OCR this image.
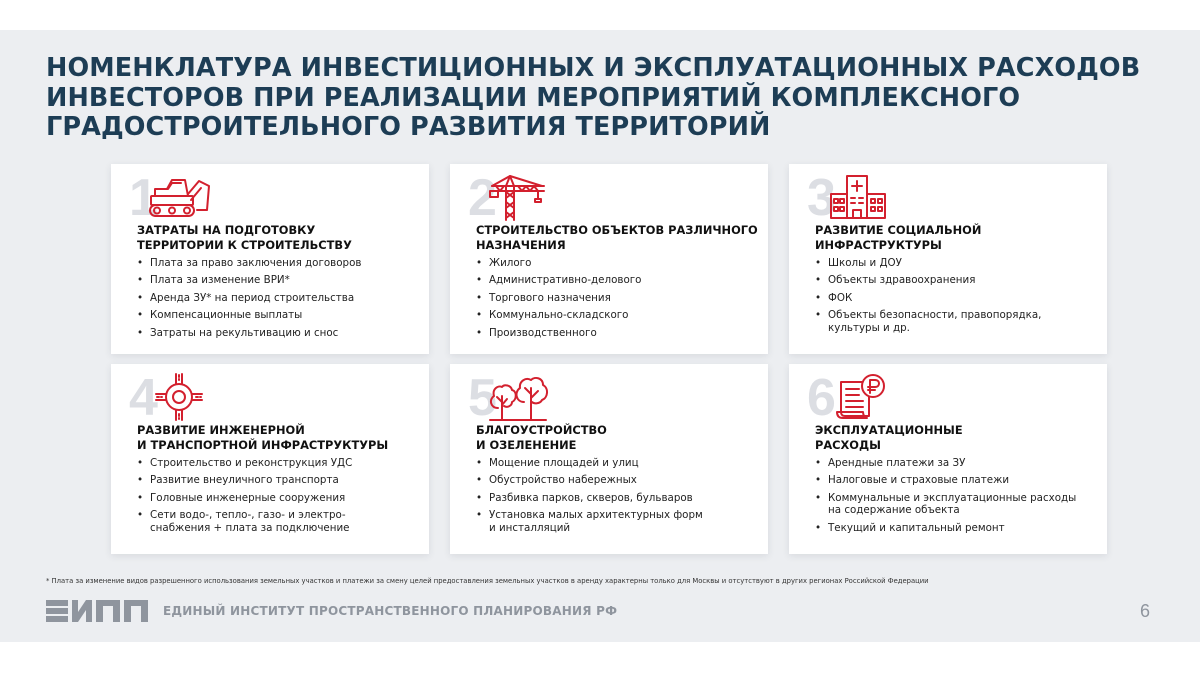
НОМЕНКЛАТУРА ИНВЕСТИЦИОННЫХ И ЭКСПЛУАТАЦИОННЫХ РАСХОДОВ
ИНВЕСТОРОВ ПРИ РЕАЛИЗАЦИИ МЕРОПРИЯТИЙ КОМПЛЕКСНОГО
ГРАДОСТРОИТЕЛЬНОГО РАЗВИТИЯ ТЕРРИТОРИЙ
1
ЗАТРАТЫ НА ПОДГОТОВКУ
ТЕРРИТОРИИ К СТРОИТЕЛЬСТВУ
• Плата за право заключения договоров
• Плата за изменение ВРИ*
• Аренда ЗУ* на период строительства
• Компенсационные выплаты
• Затраты на рекультивацию и снос
2
СТРОИТЕЛЬСТВО ОБЪЕКТОВ РАЗЛИЧНОГО
НАЗНАЧЕНИЯ
• Жилого
• Административно-делового
• Торгового назначения
• Коммунально-складского
• Производственного
3
РАЗВИТИЕ СОЦИАЛЬНОЙ
ИНФРАСТРУКТУРЫ
• Школы и ДОУ
• Объекты здравоохранения
• ФОК
• Объекты безопасности, правопорядка,
культуры и др.
4
РАЗВИТИЕ ИНЖЕНЕРНОЙ
И ТРАНСПОРТНОЙ ИНФРАСТРУКТУРЫ
• Строительство и реконструкция УДС
• Развитие внеуличного транспорта
• Головные инженерные сооружения
• Сети водо-, тепло-, газо- и электро-
снабжения + плата за подключение
5
БЛАГОУСТРОЙСТВО
И ОЗЕЛЕНЕНИЕ
• Мощение площадей и улиц
• Обустройство набережных
• Разбивка парков, скверов, бульваров
• Установка малых архитектурных форм
и инсталляций
6
ЭКСПЛУАТАЦИОННЫЕ
РАСХОДЫ
• Арендные платежи за ЗУ
• Налоговые и страховые платежи
• Коммунальные и эксплуатационные расходы
на содержание объекта
• Текущий и капитальный ремонт

* Плата за изменение видов разрешенного использования земельных участков и платежи за смену целей предоставления земельных участков в аренду характерны только для Москвы и отсутствуют в других регионах Российской Федерации

ЕДИНЫЙ ИНСТИТУТ ПРОСТРАНСТВЕННОГО ПЛАНИРОВАНИЯ РФ	6
